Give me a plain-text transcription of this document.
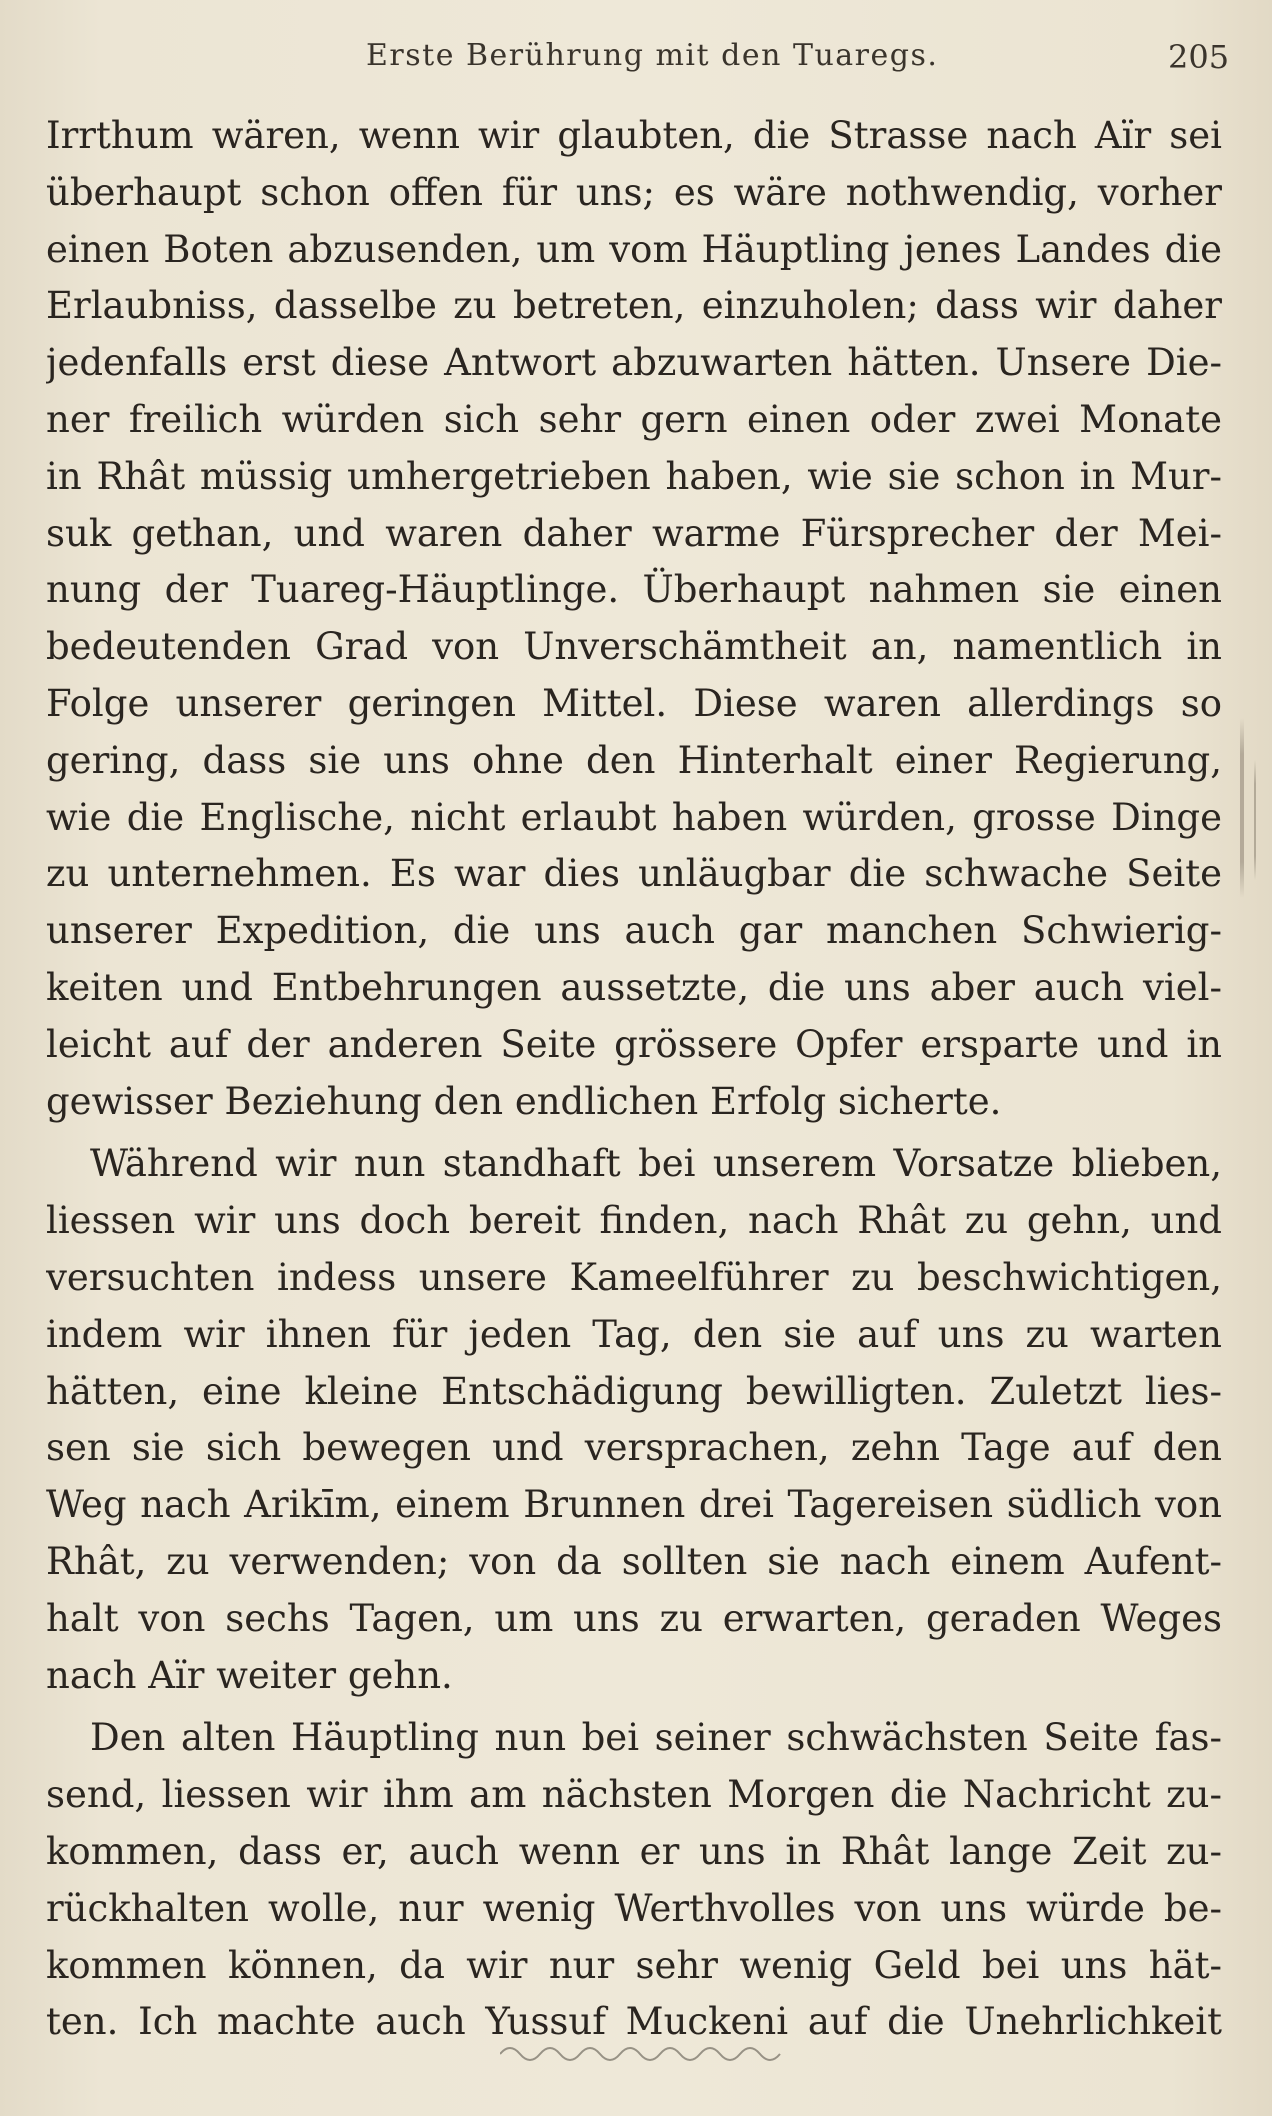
Erste Berührung mit den Tuaregs.	205
Irrthum wären, wenn wir glaubten, die Strasse nach Aïr sei
überhaupt schon offen für uns; es wäre nothwendig, vorher
einen Boten abzusenden, um vom Häuptling jenes Landes die
Erlaubniss, dasselbe zu betreten, einzuholen; dass wir daher
jedenfalls erst diese Antwort abzuwarten hätten. Unsere Die-
ner freilich würden sich sehr gern einen oder zwei Monate
in Rhât müssig umhergetrieben haben, wie sie schon in Mur-
suk gethan, und waren daher warme Fürsprecher der Mei-
nung der Tuareg-Häuptlinge. Überhaupt nahmen sie einen
bedeutenden Grad von Unverschämtheit an, namentlich in
Folge unserer geringen Mittel. Diese waren allerdings so
gering, dass sie uns ohne den Hinterhalt einer Regierung,
wie die Englische, nicht erlaubt haben würden, grosse Dinge
zu unternehmen. Es war dies unläugbar die schwache Seite
unserer Expedition, die uns auch gar manchen Schwierig-
keiten und Entbehrungen aussetzte, die uns aber auch viel-
leicht auf der anderen Seite grössere Opfer ersparte und in
gewisser Beziehung den endlichen Erfolg sicherte.
Während wir nun standhaft bei unserem Vorsatze blieben,
liessen wir uns doch bereit finden, nach Rhât zu gehn, und
versuchten indess unsere Kameelführer zu beschwichtigen,
indem wir ihnen für jeden Tag, den sie auf uns zu warten
hätten, eine kleine Entschädigung bewilligten. Zuletzt lies-
sen sie sich bewegen und versprachen, zehn Tage auf den
Weg nach Arikīm, einem Brunnen drei Tagereisen südlich von
Rhât, zu verwenden; von da sollten sie nach einem Aufent-
halt von sechs Tagen, um uns zu erwarten, geraden Weges
nach Aïr weiter gehn.
Den alten Häuptling nun bei seiner schwächsten Seite fas-
send, liessen wir ihm am nächsten Morgen die Nachricht zu-
kommen, dass er, auch wenn er uns in Rhât lange Zeit zu-
rückhalten wolle, nur wenig Werthvolles von uns würde be-
kommen können, da wir nur sehr wenig Geld bei uns hät-
ten. Ich machte auch Yussuf Muckeni auf die Unehrlichkeit
